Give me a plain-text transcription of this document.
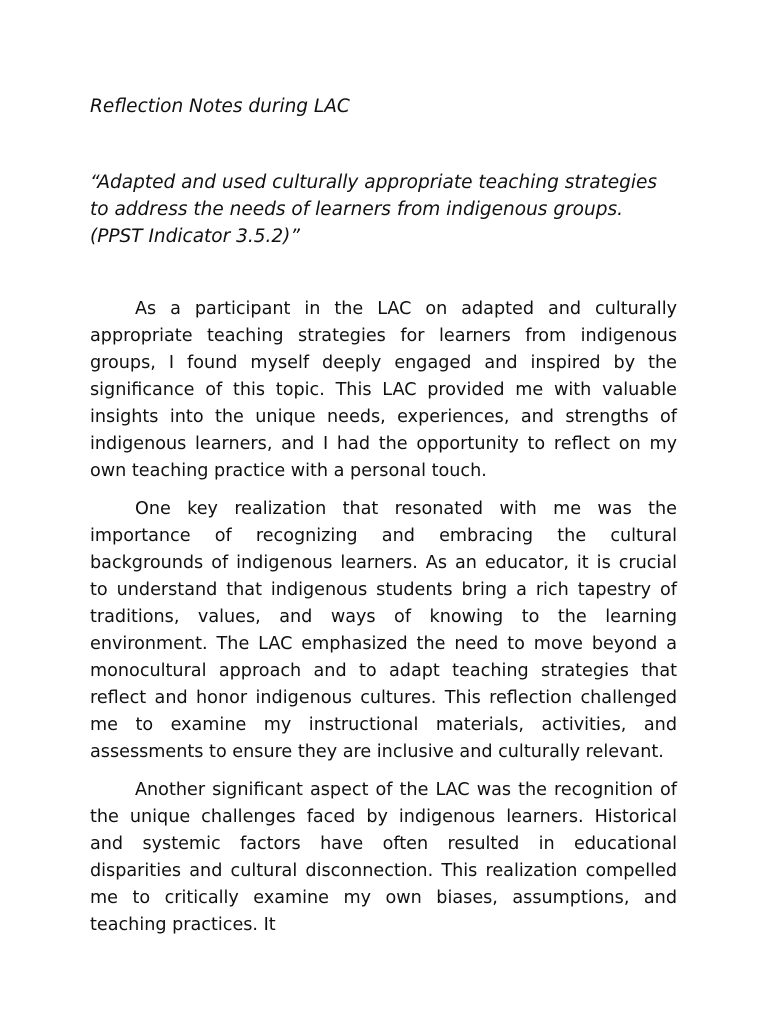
Reflection Notes during LAC

“Adapted and used culturally appropriate teaching strategies to address the needs of learners from indigenous groups. (PPST Indicator 3.5.2)”

As a participant in the LAC on adapted and culturally appropriate teaching strategies for learners from indigenous groups, I found myself deeply engaged and inspired by the significance of this topic. This LAC provided me with valuable insights into the unique needs, experiences, and strengths of indigenous learners, and I had the opportunity to reflect on my own teaching practice with a personal touch.

One key realization that resonated with me was the importance of recognizing and embracing the cultural backgrounds of indigenous learners. As an educator, it is crucial to understand that indigenous students bring a rich tapestry of traditions, values, and ways of knowing to the learning environment. The LAC emphasized the need to move beyond a monocultural approach and to adapt teaching strategies that reflect and honor indigenous cultures. This reflection challenged me to examine my instructional materials, activities, and assessments to ensure they are inclusive and culturally relevant.

Another significant aspect of the LAC was the recognition of the unique challenges faced by indigenous learners. Historical and systemic factors have often resulted in educational disparities and cultural disconnection. This realization compelled me to critically examine my own biases, assumptions, and teaching practices. It
